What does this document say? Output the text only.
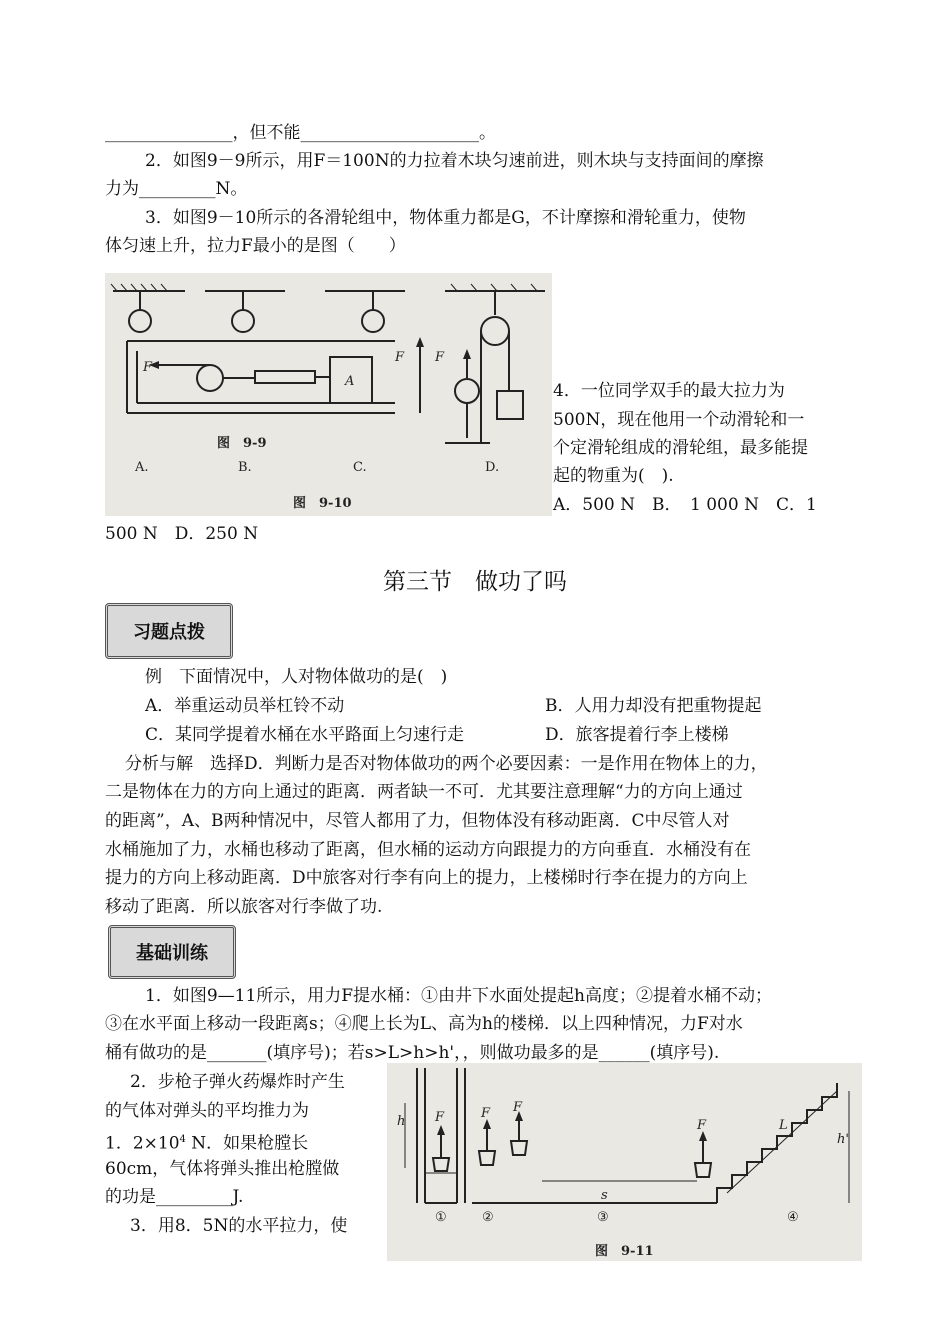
_______________，但不能_____________________。
2．如图9－9所示，用F＝100N的力拉着木块匀速前进，则木块与支持面间的摩擦
力为_________N。
3．如图9－10所示的各滑轮组中，物体重力都是G，不计摩擦和滑轮重力，使物
体匀速上升，拉力F最小的是图（　　）
F
A
F F
图　9-9
A.	B.	C.	D.
图　9-10
4．一位同学双手的最大拉力为
500N，现在他用一个动滑轮和一
个定滑轮组成的滑轮组，最多能提
起的物重为(　).
A．500 N　B．　1 000 N　C．1
500 N　D．250 N
第三节　做功了吗
习题点拨
例　下面情况中，人对物体做功的是(　)
A．举重运动员举杠铃不动	B．人用力却没有把重物提起
C．某同学提着水桶在水平路面上匀速行走	D．旅客提着行李上楼梯
分析与解　选择D．判断力是否对物体做功的两个必要因素：一是作用在物体上的力，
二是物体在力的方向上通过的距离．两者缺一不可．尤其要注意理解“力的方向上通过
的距离”，A、B两种情况中，尽管人都用了力，但物体没有移动距离．C中尽管人对
水桶施加了力，水桶也移动了距离，但水桶的运动方向跟提力的方向垂直．水桶没有在
提力的方向上移动距离．D中旅客对行李有向上的提力，上楼梯时行李在提力的方向上
移动了距离．所以旅客对行李做了功.
基础训练
1．如图9—11所示，用力F提水桶：①由井下水面处提起h高度；②提着水桶不动；
③在水平面上移动一段距离s；④爬上长为L、高为h的楼梯．以上四种情况，力F对水
桶有做功的是_______(填序号)；若s>L>h>h'，，则做功最多的是______(填序号).
2．步枪子弹火药爆炸时产生
的气体对弹头的平均推力为
1．$2\times 10^4$ N．如果枪膛长
60cm，气体将弹头推出枪膛做
的功是_________J.
3．用8．5N的水平拉力，使
h F	F F
F
s
L
h'
①	②	③	④
图　9-11
